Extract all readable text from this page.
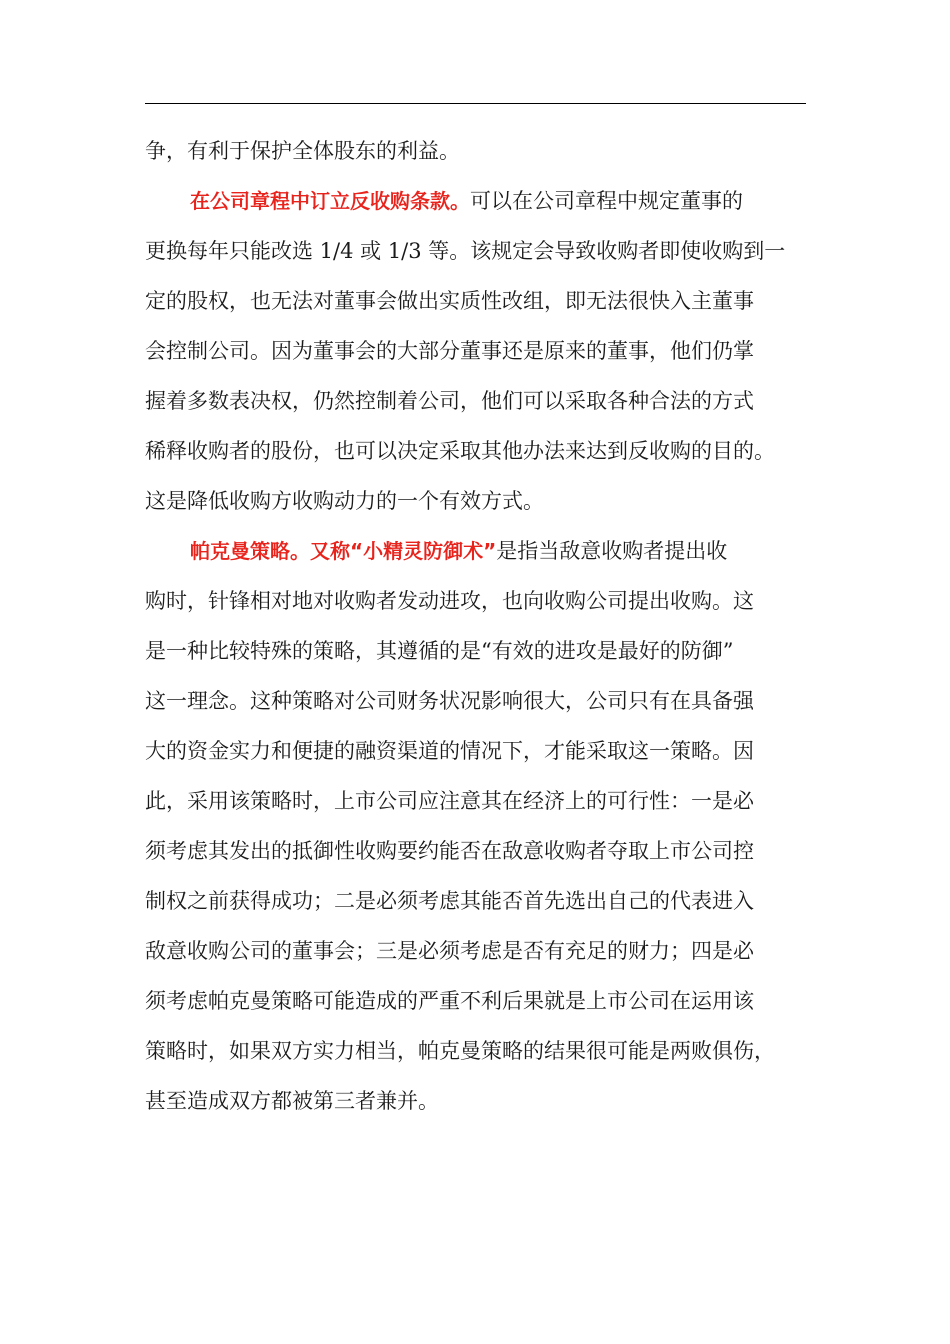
争，有利于保护全体股东的利益。
在公司章程中订立反收购条款。可以在公司章程中规定董事的
更换每年只能改选 1/4 或 1/3 等。该规定会导致收购者即使收购到一
定的股权，也无法对董事会做出实质性改组，即无法很快入主董事
会控制公司。因为董事会的大部分董事还是原来的董事，他们仍掌
握着多数表决权，仍然控制着公司，他们可以采取各种合法的方式
稀释收购者的股份，也可以决定采取其他办法来达到反收购的目的。
这是降低收购方收购动力的一个有效方式。
帕克曼策略。又称“小精灵防御术”是指当敌意收购者提出收
购时，针锋相对地对收购者发动进攻，也向收购公司提出收购。这
是一种比较特殊的策略，其遵循的是“有效的进攻是最好的防御”
这一理念。这种策略对公司财务状况影响很大，公司只有在具备强
大的资金实力和便捷的融资渠道的情况下，才能采取这一策略。因
此，采用该策略时，上市公司应注意其在经济上的可行性：一是必
须考虑其发出的抵御性收购要约能否在敌意收购者夺取上市公司控
制权之前获得成功；二是必须考虑其能否首先选出自己的代表进入
敌意收购公司的董事会；三是必须考虑是否有充足的财力；四是必
须考虑帕克曼策略可能造成的严重不利后果就是上市公司在运用该
策略时，如果双方实力相当，帕克曼策略的结果很可能是两败俱伤，
甚至造成双方都被第三者兼并。
